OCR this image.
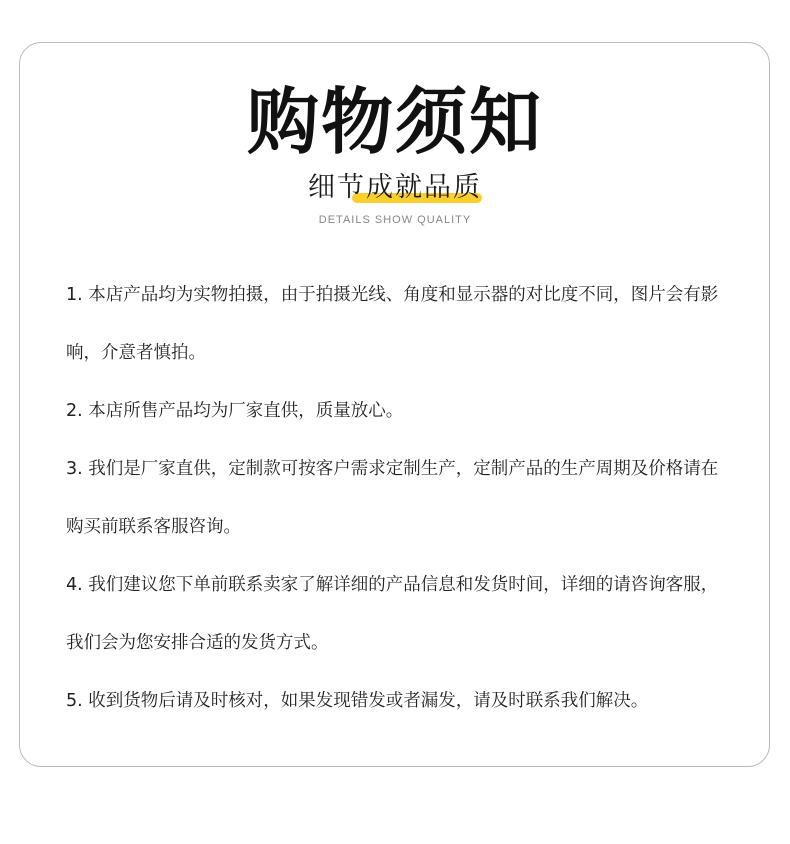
购物须知
细节成就品质
DETAILS SHOW QUALITY
1. 本店产品均为实物拍摄，由于拍摄光线、角度和显示器的对比度不同，图片会有影响，介意者慎拍。
2. 本店所售产品均为厂家直供，质量放心。
3. 我们是厂家直供，定制款可按客户需求定制生产，定制产品的生产周期及价格请在购买前联系客服咨询。
4. 我们建议您下单前联系卖家了解详细的产品信息和发货时间，详细的请咨询客服，我们会为您安排合适的发货方式。
5. 收到货物后请及时核对，如果发现错发或者漏发，请及时联系我们解决。
